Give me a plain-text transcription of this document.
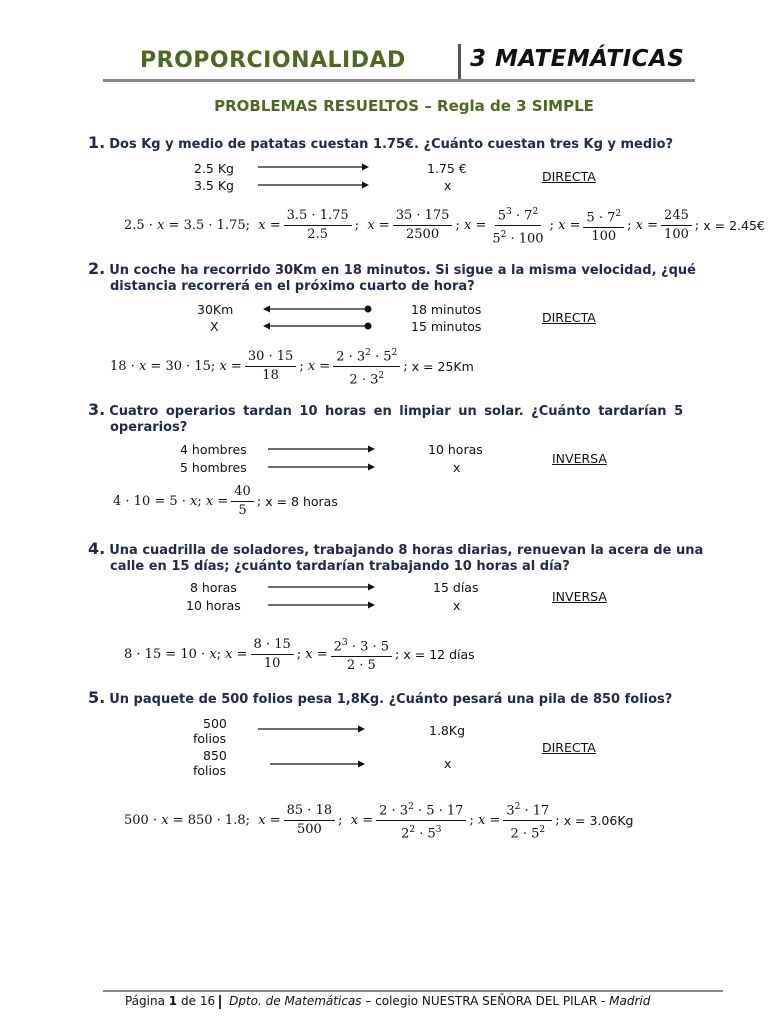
PROPORCIONALIDAD	3 MATEMÁTICAS
PROBLEMAS RESUELTOS – Regla de 3 SIMPLE
1. Dos Kg y medio de patatas cuestan 1.75€. ¿Cuánto cuestan tres Kg y medio?
2.5 Kg
3.5 Kg
1.75 €
x
DIRECTA
2.5 · x = 3.5 · 1.75;  $x = \frac{3.5 \cdot 1.75}{2.5}$ ;  $x = \frac{35 \cdot 175}{2500}$ ; $x = \frac{5^3 \cdot 7^2}{5^2 \cdot 100}$ ; $x = \frac{5 \cdot 7^2}{100}$ ; $x = \frac{245}{100}$ ; x = 2.45€
2. Un coche ha recorrido 30Km en 18 minutos. Si sigue a la misma velocidad, ¿qué distancia recorrerá en el próximo cuarto de hora?
30Km
X
18 minutos
15 minutos
DIRECTA
18 · x = 30 · 15; $x = \frac{30 \cdot 15}{18}$ ; $x = \frac{2 \cdot 3^2 \cdot 5^2}{2 \cdot 3^2}$ ; x = 25Km
3. Cuatro operarios tardan 10 horas en limpiar un solar. ¿Cuánto tardarían 5 operarios?
4 hombres
5 hombres
10 horas
x
INVERSA
4 · 10 = 5 · x; $x = \frac{40}{5}$ ; x = 8 horas
4. Una cuadrilla de soladores, trabajando 8 horas diarias, renuevan la acera de una calle en 15 días; ¿cuánto tardarían trabajando 10 horas al día?
8 horas
10 horas
15 días
x
INVERSA
8 · 15 = 10 · x; $x = \frac{8 \cdot 15}{10}$ ; $x = \frac{2^3 \cdot 3 \cdot 5}{2 \cdot 5}$ ; x = 12 días
5. Un paquete de 500 folios pesa 1,8Kg. ¿Cuánto pesará una pila de 850 folios?
500
folios
850
folios
1.8Kg
x
DIRECTA
500 · x = 850 · 1.8;  $x = \frac{85 \cdot 18}{500}$ ;  $x = \frac{2 \cdot 3^2 \cdot 5 \cdot 17}{2^2 \cdot 5^3}$ ; $x = \frac{3^2 \cdot 17}{2 \cdot 5^2}$ ; x = 3.06Kg
Página 1 de 16 Dpto. de Matemáticas – colegio NUESTRA SEÑORA DEL PILAR - Madrid
